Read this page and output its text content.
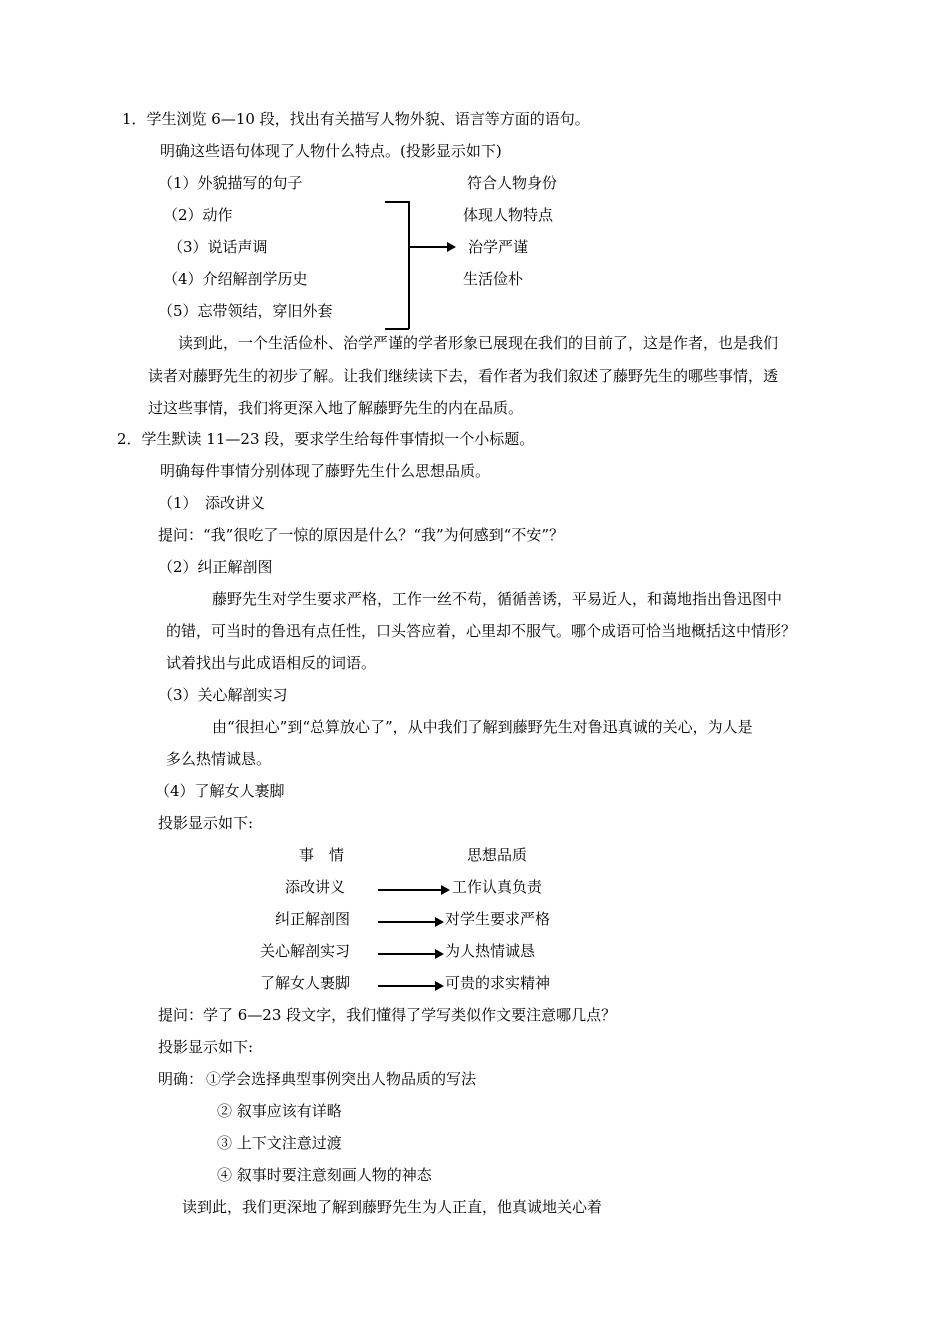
1．学生浏览 6—10 段，找出有关描写人物外貌、语言等方面的语句。
明确这些语句体现了人物什么特点。(投影显示如下)
（1）外貌描写的句子
（2）动作
（3）说话声调
（4）介绍解剖学历史
（5）忘带领结，穿旧外套
符合人物身份
体现人物特点
治学严谨
生活俭朴
读到此，一个生活俭朴、治学严谨的学者形象已展现在我们的目前了，这是作者，也是我们
读者对藤野先生的初步了解。让我们继续读下去，看作者为我们叙述了藤野先生的哪些事情，透
过这些事情，我们将更深入地了解藤野先生的内在品质。
2．学生默读 11—23 段，要求学生给每件事情拟一个小标题。
明确每件事情分别体现了藤野先生什么思想品质。
（1）　添改讲义
提问：“我”很吃了一惊的原因是什么？“我”为何感到“不安”？
（2）纠正解剖图
藤野先生对学生要求严格，工作一丝不苟，循循善诱，平易近人，和蔼地指出鲁迅图中
的错，可当时的鲁迅有点任性，口头答应着，心里却不服气。哪个成语可恰当地概括这中情形？
试着找出与此成语相反的词语。
（3）关心解剖实习
由“很担心”到“总算放心了”，从中我们了解到藤野先生对鲁迅真诚的关心，为人是
多么热情诚恳。
（4）了解女人裹脚
投影显示如下:
事　情	思想品质
添改讲义	工作认真负责
纠正解剖图	对学生要求严格
关心解剖实习	为人热情诚恳
了解女人裹脚	可贵的求实精神
提问：学了 6—23 段文字，我们懂得了学写类似作文要注意哪几点？
投影显示如下:
明确： ①学会选择典型事例突出人物品质的写法
② 叙事应该有详略
③ 上下文注意过渡
④ 叙事时要注意刻画人物的神态
读到此，我们更深地了解到藤野先生为人正直，他真诚地关心着
